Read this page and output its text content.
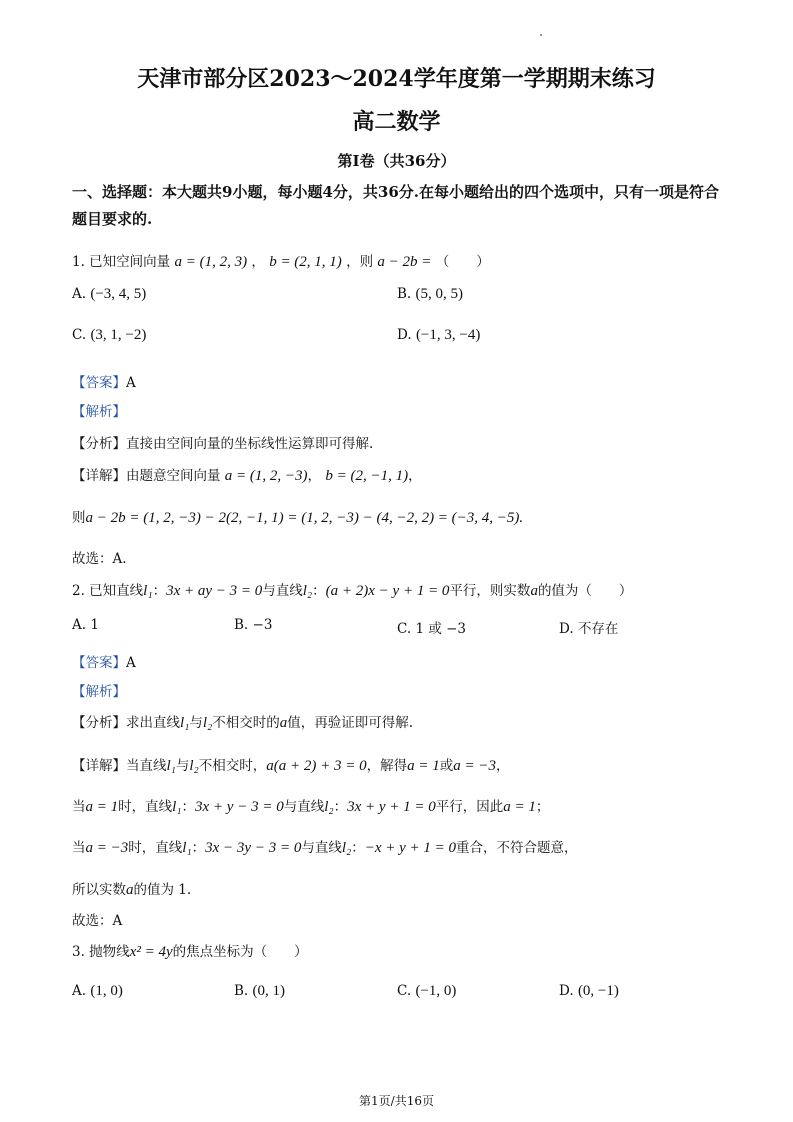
天津市部分区2023～2024学年度第一学期期末练习
高二数学
第Ⅰ卷（共36分）
一、选择题：本大题共9小题，每小题4分，共36分.在每小题给出的四个选项中，只有一项是符合题目要求的.
1. 已知空间向量 a = (1, 2, 3) ， b = (2, 1, 1) ，则 a − 2b = （　　）
A. (−3, 4, 5)	B. (5, 0, 5)
C. (3, 1, −2)	D. (−1, 3, −4)
【答案】A
【解析】
【分析】直接由空间向量的坐标线性运算即可得解.
【详解】由题意空间向量 a = (1, 2, −3)， b = (2, −1, 1)，
则a − 2b = (1, 2, −3) − 2(2, −1, 1) = (1, 2, −3) − (4, −2, 2) = (−3, 4, −5).
故选：A.
2. 已知直线l₁：3x + ay − 3 = 0与直线l₂：(a + 2)x − y + 1 = 0平行，则实数a的值为（　　）
A. 1	B. −3	C. 1 或 −3	D. 不存在
【答案】A
【解析】
【分析】求出直线l₁与l₂不相交时的a值，再验证即可得解.
【详解】当直线l₁与l₂不相交时，a(a + 2) + 3 = 0，解得a = 1或a = −3，
当a = 1时，直线l₁：3x + y − 3 = 0与直线l₂：3x + y + 1 = 0平行，因此a = 1；
当a = −3时，直线l₁：3x − 3y − 3 = 0与直线l₂：−x + y + 1 = 0重合，不符合题意，
所以实数a的值为 1.
故选：A
3. 抛物线x² = 4y的焦点坐标为（　　）
A. (1, 0)	B. (0, 1)	C. (−1, 0)	D. (0, −1)
第1页/共16页
